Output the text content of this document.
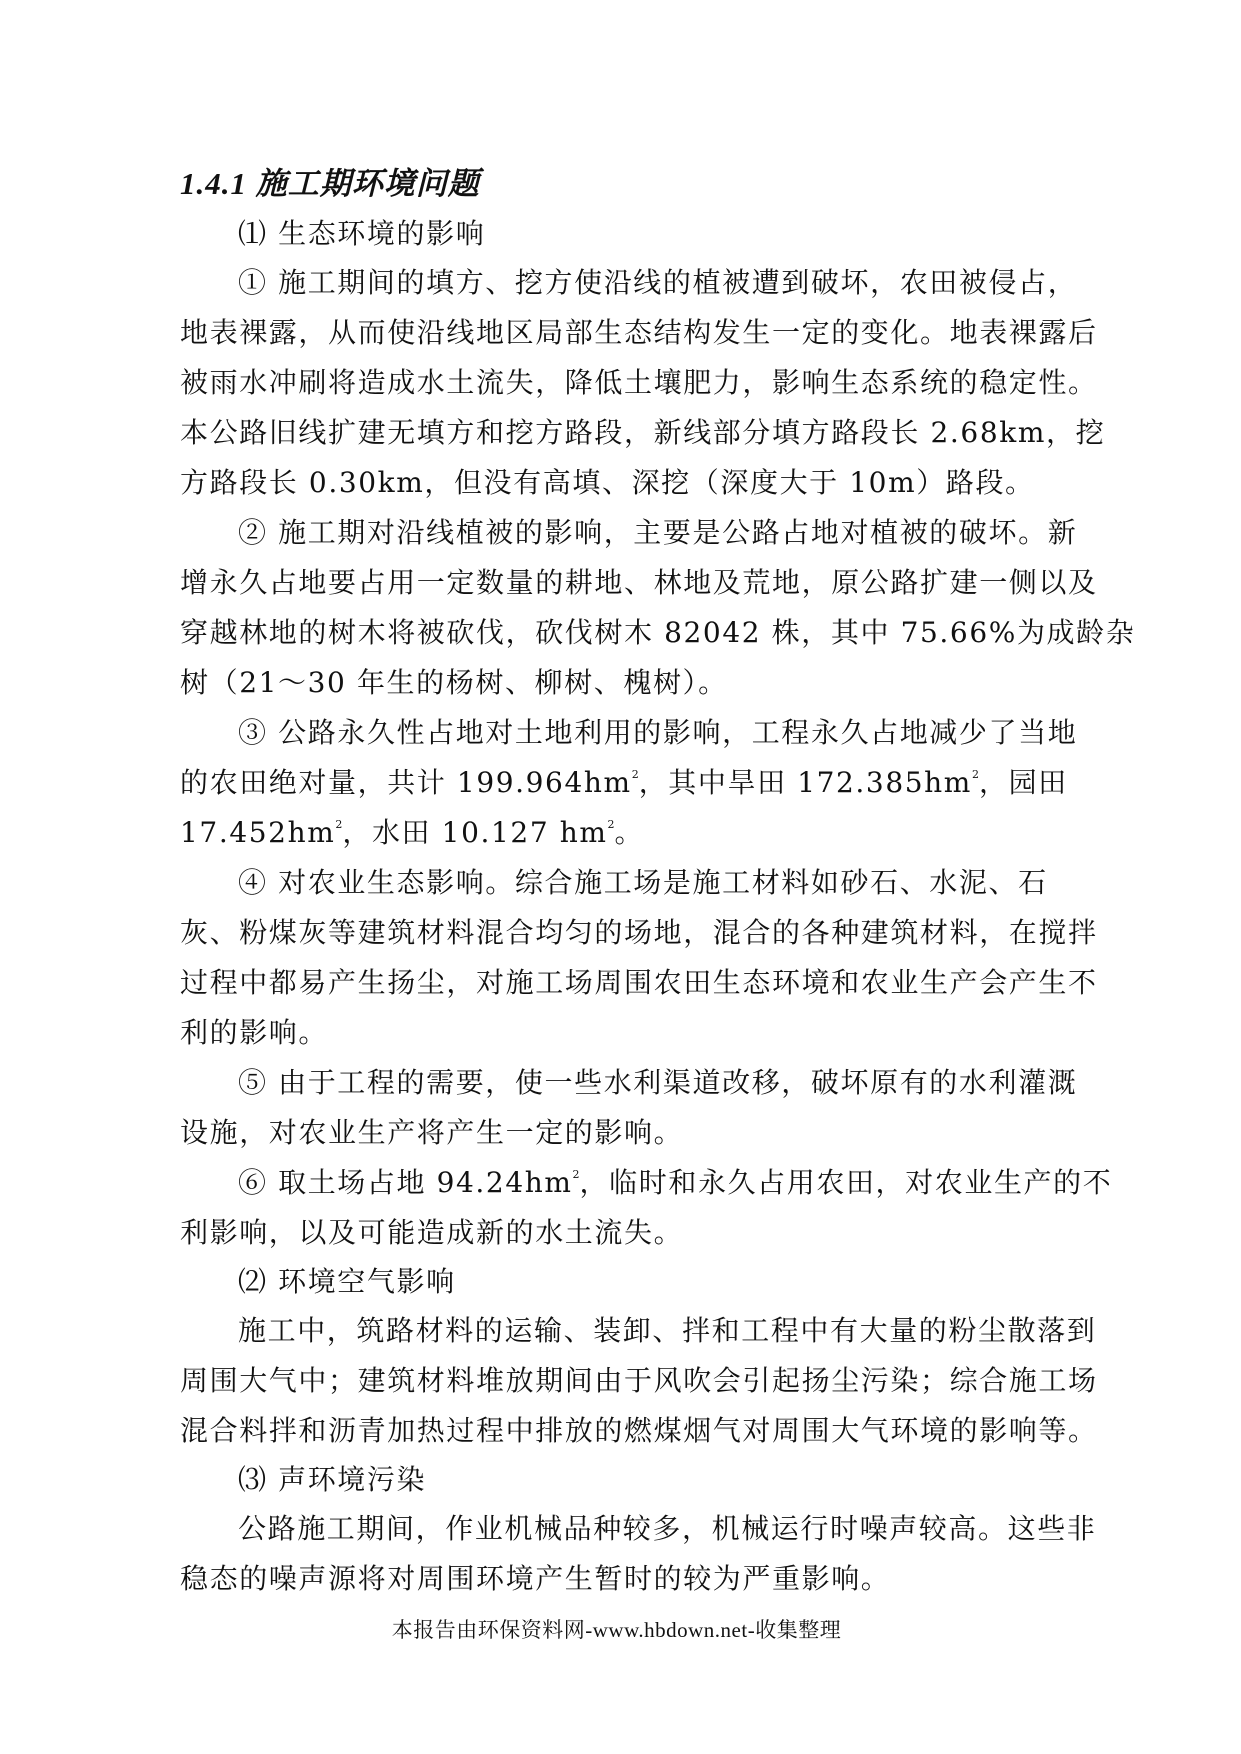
1.4.1 施工期环境问题
⑴ 生态环境的影响
① 施工期间的填方、挖方使沿线的植被遭到破坏，农田被侵占，
地表裸露，从而使沿线地区局部生态结构发生一定的变化。地表裸露后
被雨水冲刷将造成水土流失，降低土壤肥力，影响生态系统的稳定性。
本公路旧线扩建无填方和挖方路段，新线部分填方路段长 2.68km，挖
方路段长 0.30km，但没有高填、深挖（深度大于 10m）路段。
② 施工期对沿线植被的影响，主要是公路占地对植被的破坏。新
增永久占地要占用一定数量的耕地、林地及荒地，原公路扩建一侧以及
穿越林地的树木将被砍伐，砍伐树木 82042 株，其中 75.66%为成龄杂
树（21～30 年生的杨树、柳树、槐树）。
③ 公路永久性占地对土地利用的影响，工程永久占地减少了当地
的农田绝对量，共计 $199.964hm^2$，其中旱田 $172.385hm^2$，园田
$17.452hm^2$，水田 10.127 $hm^2$。
④ 对农业生态影响。综合施工场是施工材料如砂石、水泥、石
灰、粉煤灰等建筑材料混合均匀的场地，混合的各种建筑材料，在搅拌
过程中都易产生扬尘，对施工场周围农田生态环境和农业生产会产生不
利的影响。
⑤ 由于工程的需要，使一些水利渠道改移，破坏原有的水利灌溉
设施，对农业生产将产生一定的影响。
⑥ 取土场占地 $94.24hm^2$，临时和永久占用农田，对农业生产的不
利影响，以及可能造成新的水土流失。
⑵ 环境空气影响
施工中，筑路材料的运输、装卸、拌和工程中有大量的粉尘散落到
周围大气中；建筑材料堆放期间由于风吹会引起扬尘污染；综合施工场
混合料拌和沥青加热过程中排放的燃煤烟气对周围大气环境的影响等。
⑶ 声环境污染
公路施工期间，作业机械品种较多，机械运行时噪声较高。这些非
稳态的噪声源将对周围环境产生暂时的较为严重影响。
本报告由环保资料网-www.hbdown.net-收集整理
